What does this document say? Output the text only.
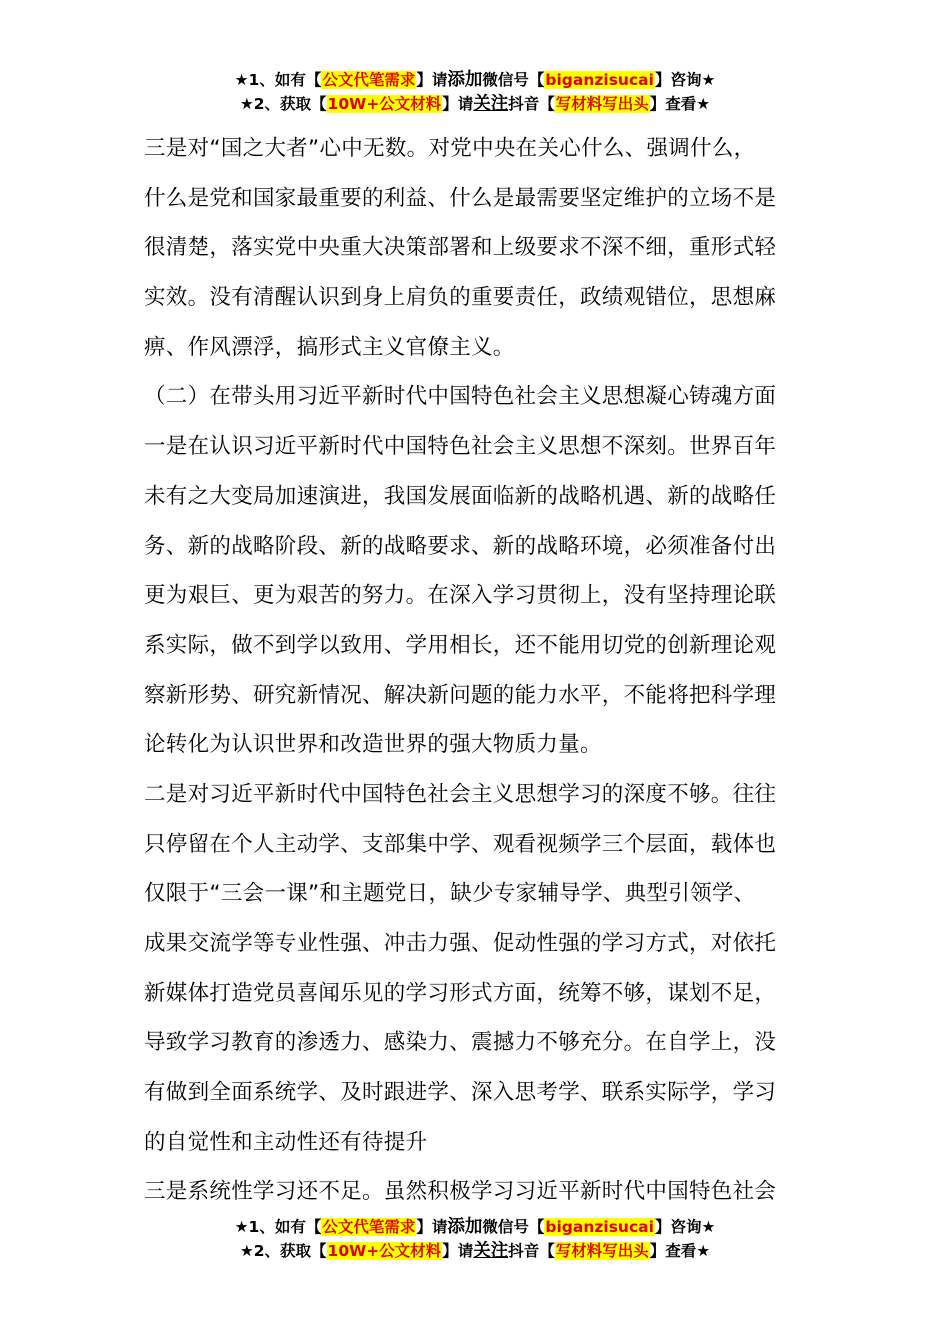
★1、如有【公文代笔需求】请添加微信号【biganzisucai】咨询★
★2、获取【10W+公文材料】请关注抖音【写材料写出头】查看★
三是对“国之大者”心中无数。对党中央在关心什么、强调什么，
什么是党和国家最重要的利益、什么是最需要坚定维护的立场不是
很清楚，落实党中央重大决策部署和上级要求不深不细，重形式轻
实效。没有清醒认识到身上肩负的重要责任，政绩观错位，思想麻
痹、作风漂浮，搞形式主义官僚主义。
（二）在带头用习近平新时代中国特色社会主义思想凝心铸魂方面
一是在认识习近平新时代中国特色社会主义思想不深刻。世界百年
未有之大变局加速演进，我国发展面临新的战略机遇、新的战略任
务、新的战略阶段、新的战略要求、新的战略环境，必须准备付出
更为艰巨、更为艰苦的努力。在深入学习贯彻上，没有坚持理论联
系实际，做不到学以致用、学用相长，还不能用切党的创新理论观
察新形势、研究新情况、解决新问题的能力水平，不能将把科学理
论转化为认识世界和改造世界的强大物质力量。
二是对习近平新时代中国特色社会主义思想学习的深度不够。往往
只停留在个人主动学、支部集中学、观看视频学三个层面，载体也
仅限于“三会一课”和主题党日，缺少专家辅导学、典型引领学、
成果交流学等专业性强、冲击力强、促动性强的学习方式，对依托
新媒体打造党员喜闻乐见的学习形式方面，统筹不够，谋划不足，
导致学习教育的渗透力、感染力、震撼力不够充分。在自学上，没
有做到全面系统学、及时跟进学、深入思考学、联系实际学，学习
的自觉性和主动性还有待提升
三是系统性学习还不足。虽然积极学习习近平新时代中国特色社会
★1、如有【公文代笔需求】请添加微信号【biganzisucai】咨询★
★2、获取【10W+公文材料】请关注抖音【写材料写出头】查看★
